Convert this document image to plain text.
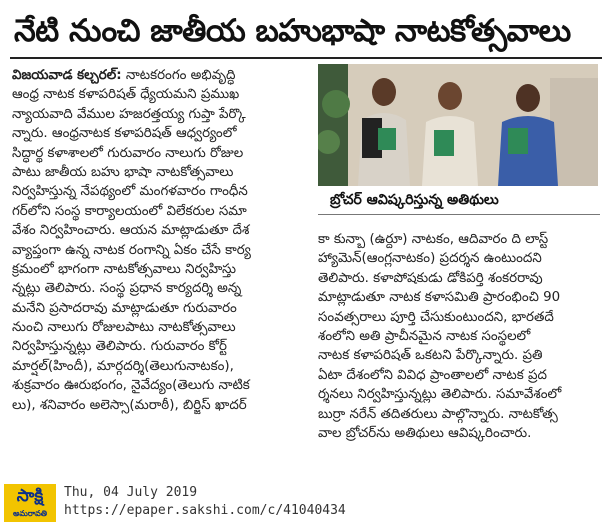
నేటి నుంచి జాతీయ బహుభాషా నాటకోత్సవాలు
విజయవాడ కల్చరల్: నాటకరంగం అభివృద్ధి
ఆంధ్ర నాటక కళాపరిషత్ ధ్యేయమని ప్రముఖ
న్యాయవాది వేముల హజరత్తయ్య గుప్తా పేర్కొ
న్నారు. ఆంధ్రనాటక కళాపరిషత్ ఆధ్వర్యంలో
సిద్ధార్థ కళాశాలలో గురువారం నాలుగు రోజుల
పాటు జాతీయ బహు భాషా నాటకోత్సవాలు
నిర్వహిస్తున్న నేపథ్యంలో మంగళవారం గాంధీన
గర్‌లోని సంస్థ కార్యాలయంలో విలేకరుల సమా
వేశం నిర్వహించారు. ఆయన మాట్లాడుతూ దేశ
వ్యాప్తంగా ఉన్న నాటక రంగాన్ని ఏకం చేసే కార్య
క్రమంలో భాగంగా నాటకోత్సవాలు నిర్వహిస్తు
న్నట్లు తెలిపారు. సంస్థ ప్రధాన కార్యదర్శి అన్న
మనేని ప్రసాదరావు మాట్లాడుతూ గురువారం
నుంచి నాలుగు రోజులపాటు నాటకోత్సవాలు
నిర్వహిస్తున్నట్లు తెలిపారు. గురువారం కోర్ట్
మార్షల్(హిందీ), మార్గదర్శి(తెలుగునాటకం),
శుక్రవారం ఊరుభంగం, నైవేద్యం(తెలుగు నాటిక
లు), శనివారం అలెస్సా(మరాఠీ), బిర్జిస్ ఖాదర్
బ్రోచర్ ఆవిష్కరిస్తున్న అతిథులు
కా కున్బా (ఉర్దూ) నాటకం, ఆదివారం ది లాస్ట్
హ్యామెన్(ఆంగ్లనాటకం) ప్రదర్శన ఉంటుందని
తెలిపారు. కళాపోషకుడు డోకిపర్తి శంకరరావు
మాట్లాడుతూ నాటక కళాసమితి ప్రారంభించి 90
సంవత్సరాలు పూర్తి చేసుకుంటుందని, భారతదే
శంలోని అతి ప్రాచీనమైన నాటక సంస్థలలో
నాటక కళాపరిషత్ ఒకటని పేర్కొన్నారు. ప్రతి
ఏటా దేశంలోని వివిధ ప్రాంతాలలో నాటక ప్రద
ర్శనలు నిర్వహిస్తున్నట్లు తెలిపారు. సమావేశంలో
బుర్రా నరేన్ తదితరులు పాల్గొన్నారు. నాటకోత్స
వాల బ్రోచర్‌ను అతిథులు ఆవిష్కరించారు.
సాక్షి
అమరావతి
Thu, 04 July 2019
https://epaper.sakshi.com/c/41040434
